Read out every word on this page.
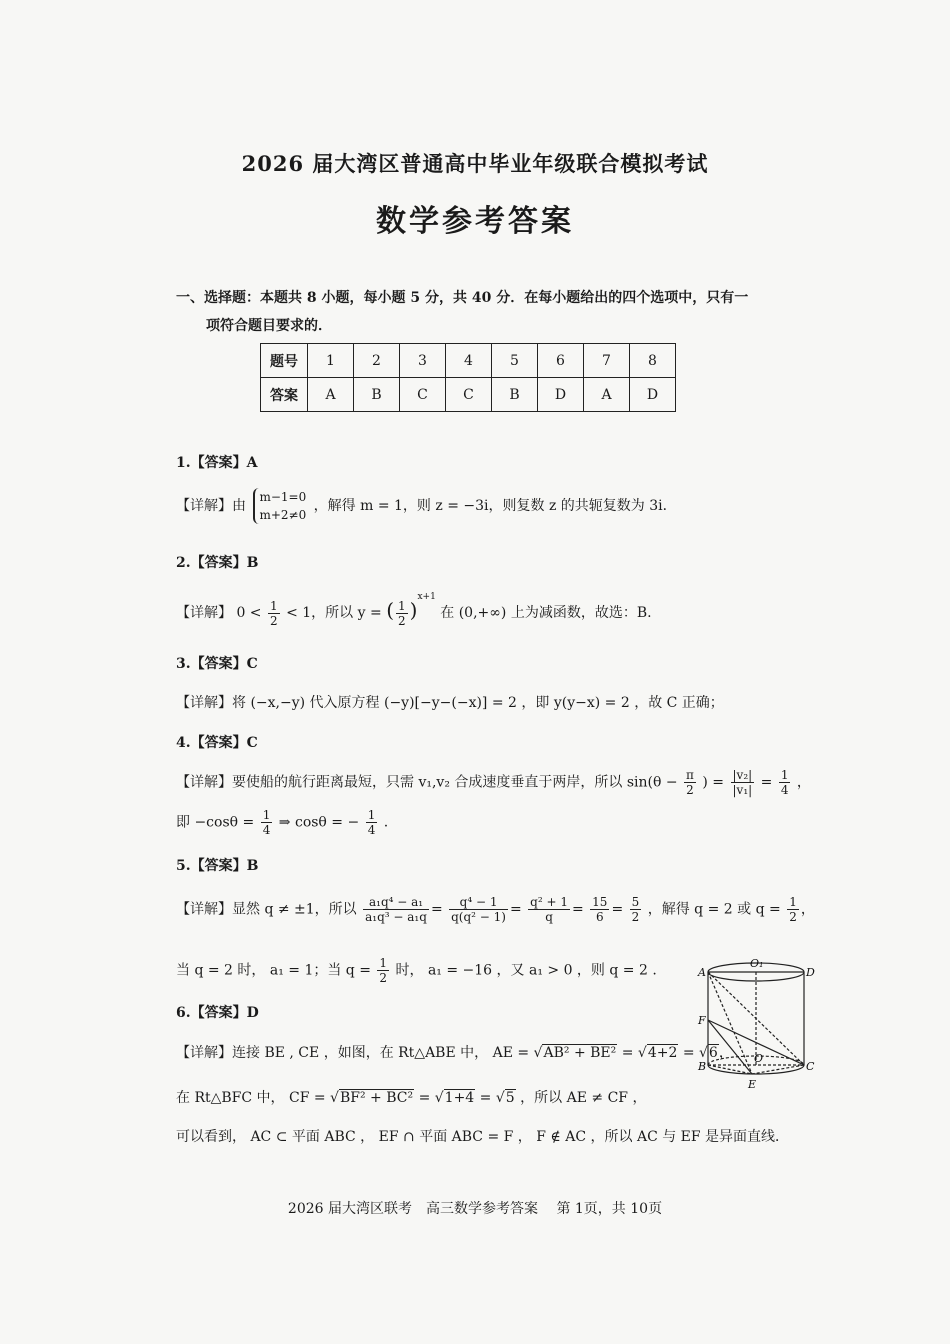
2026 届大湾区普通高中毕业年级联合模拟考试
数学参考答案
一、选择题：本题共 8 小题，每小题 5 分，共 40 分．在每小题给出的四个选项中，只有一
项符合题目要求的．
题号	1	2	3	4	5	6	7	8
答案	A	B	C	C	B	D	A	D
1.【答案】A
【详解】由
m−1=0
m+2≠0
，解得 m = 1，则 z = −3i，则复数 z 的共轭复数为 3i．
2.【答案】B
【详解】 $0 < \frac{1}{2} < 1$，所以 y = ( $\frac{1}{2} )^{x+1}$ 在 (0,+∞) 上为减函数，故选：B.
3.【答案】C
【详解】将 (−x,−y) 代入原方程 (−y)[−y−(−x)] = 2 ，即 y(y−x) = 2 ，故 C 正确；
4.【答案】C
【详解】要使船的航行距离最短，只需 v₁,v₂ 合成速度垂直于两岸，所以 $\sin(\theta - \frac{\pi}{2}$ ) = $\frac{\text{|v₂|}}{\text{|v₁|}} = \frac{1}{4}$ ，
即 $-\cos\theta = \frac{1}{4}$ ⇒ cosθ = − $\frac{1}{4}$ .
5.【答案】B
【详解】显然 q ≠ ±1，所以 $\frac{\text{a₁q⁴ − a₁}}{\text{a₁q³ − a₁q}} = \frac{\text{q⁴ − 1}}{\text{q(q² − 1)}} = \frac{\text{q² + 1}}{q} = \frac{15}{6} = \frac{5}{2}$ ，解得 q = 2 或 $q = \frac{1}{2}$ ，
当 q = 2 时， a₁ = 1；当 $q = \frac{1}{2}$ 时， a₁ = −16 ，又 a₁ > 0 ，则 q = 2 .
6.【答案】D
【详解】连接 BE , CE ，如图，在 Rt△ABE 中， AE = √AB² + BE² = √4+2 = √6，
在 Rt△BFC 中， CF = √BF² + BC² = √1+4 = √5 ，所以 AE ≠ CF ，
可以看到， AC ⊂ 平面 ABC ， EF ∩ 平面 ABC = F ， F ∉ AC ，所以 AC 与 EF 是异面直线．
A	D
O₁
F
B	C
O
E
2026 届大湾区联考　高三数学参考答案　 第 1页，共 10页
